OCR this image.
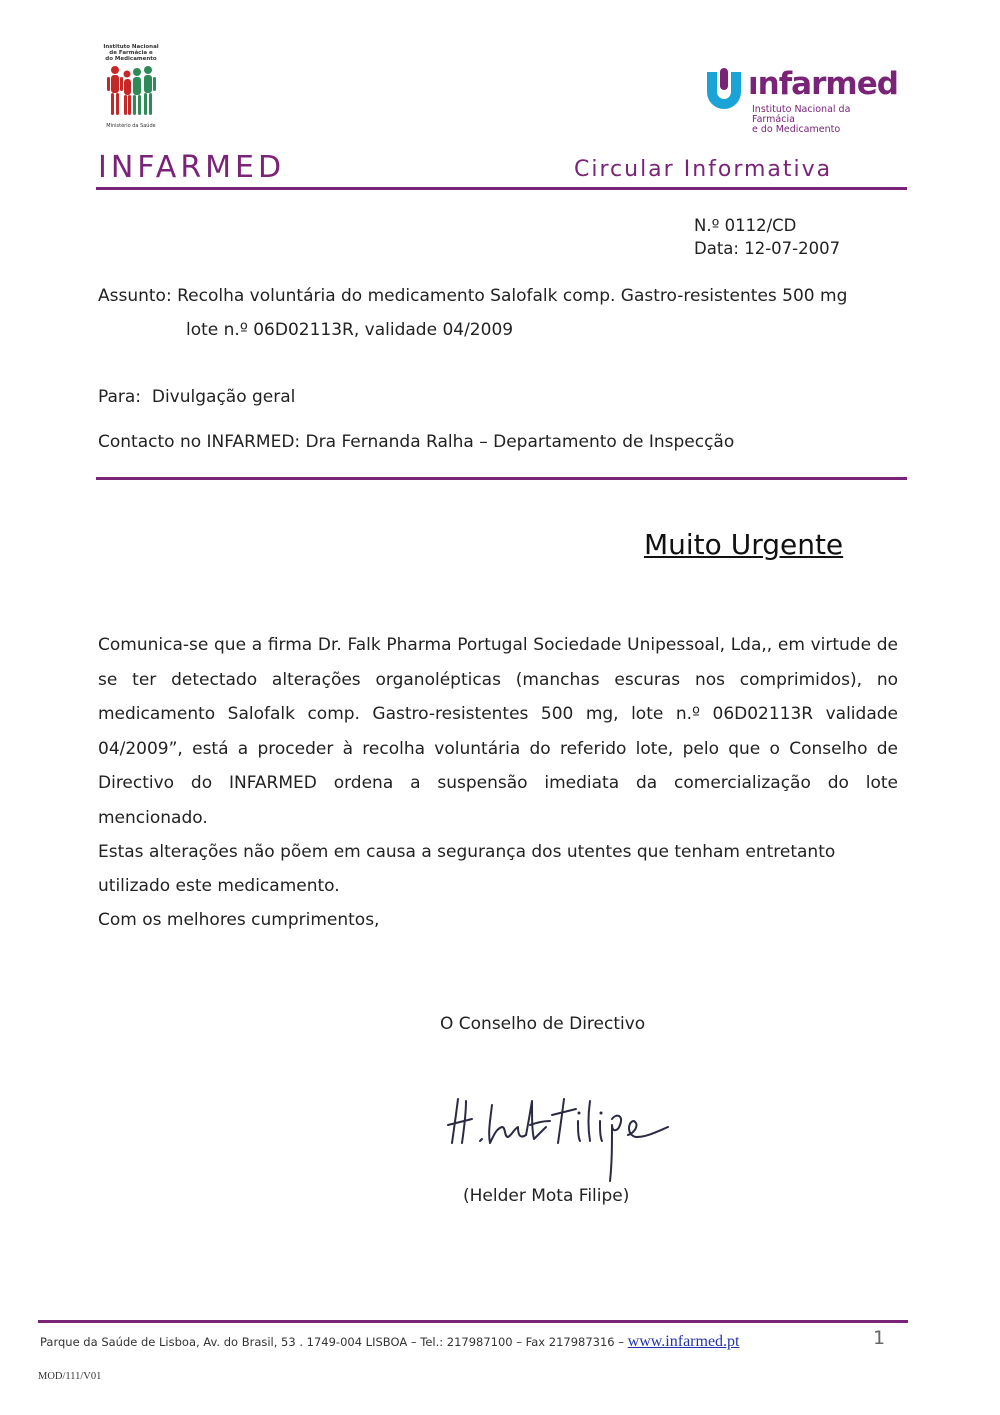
Instituto Nacional
de Farmácia e
do Medicamento
Ministério da Saúde
ınfarmed
Instituto Nacional da Farmácia
e do Medicamento
INFARMED	Circular Informativa
N.º 0112/CD
Data: 12-07-2007
Assunto: Recolha voluntária do medicamento Salofalk comp. Gastro-resistentes 500 mg
lote n.º 06D02113R, validade 04/2009
Para: Divulgação geral
Contacto no INFARMED: Dra Fernanda Ralha – Departamento de Inspecção
Muito Urgente
Comunica-se que a firma Dr. Falk Pharma Portugal Sociedade Unipessoal, Lda,, em virtude de se ter detectado alterações organolépticas (manchas escuras nos comprimidos), no medicamento Salofalk comp. Gastro-resistentes 500 mg, lote n.º 06D02113R validade 04/2009”, está a proceder à recolha voluntária do referido lote, pelo que o Conselho de Directivo do INFARMED ordena a suspensão imediata da comercialização do lote mencionado.
Estas alterações não põem em causa a segurança dos utentes que tenham entretanto
utilizado este medicamento.
Com os melhores cumprimentos,
O Conselho de Directivo
(Helder Mota Filipe)
Parque da Saúde de Lisboa, Av. do Brasil, 53 . 1749-004 LISBOA – Tel.: 217987100 – Fax 217987316 – www.infarmed.pt	1
MOD/111/V01
